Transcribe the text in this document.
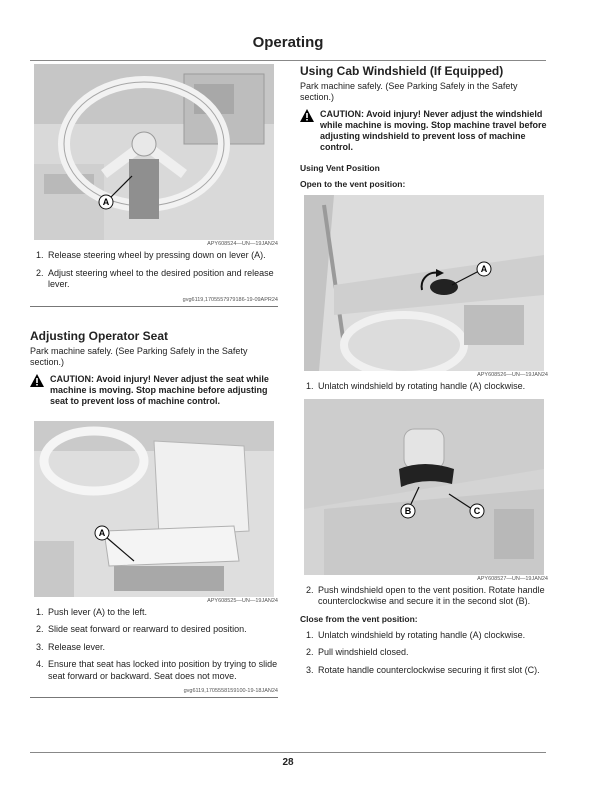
Operating
A
APY608524—UN—19JAN24
1. Release steering wheel by pressing down on lever (A).
2. Adjust steering wheel to the desired position and release lever.
gvg6119,1705557979186-19-09APR24
Adjusting Operator Seat

Park machine safely. (See Parking Safely in the Safety section.)

CAUTION: Avoid injury! Never adjust the seat while machine is moving. Stop machine before adjusting seat to prevent loss of machine control.
A
APY608525—UN—19JAN24
1. Push lever (A) to the left.
2. Slide seat forward or rearward to desired position.
3. Release lever.
4. Ensure that seat has locked into position by trying to slide seat forward or backward. Seat does not move.
gvg6119,1705558159100-19-18JAN24
Using Cab Windshield (If Equipped)

Park machine safely. (See Parking Safely in the Safety section.)

CAUTION: Avoid injury! Never adjust the windshield while machine is moving. Stop machine travel before adjusting windshield to prevent loss of machine control.
Using Vent Position
Open to the vent position:
A
APY608526—UN—19JAN24
1. Unlatch windshield by rotating handle (A) clockwise.
B	C
APY608527—UN—19JAN24
2. Push windshield open to the vent position. Rotate handle counterclockwise and secure it in the second slot (B).
Close from the vent position:
1. Unlatch windshield by rotating handle (A) clockwise.
2. Pull windshield closed.
3. Rotate handle counterclockwise securing it first slot (C).
28
